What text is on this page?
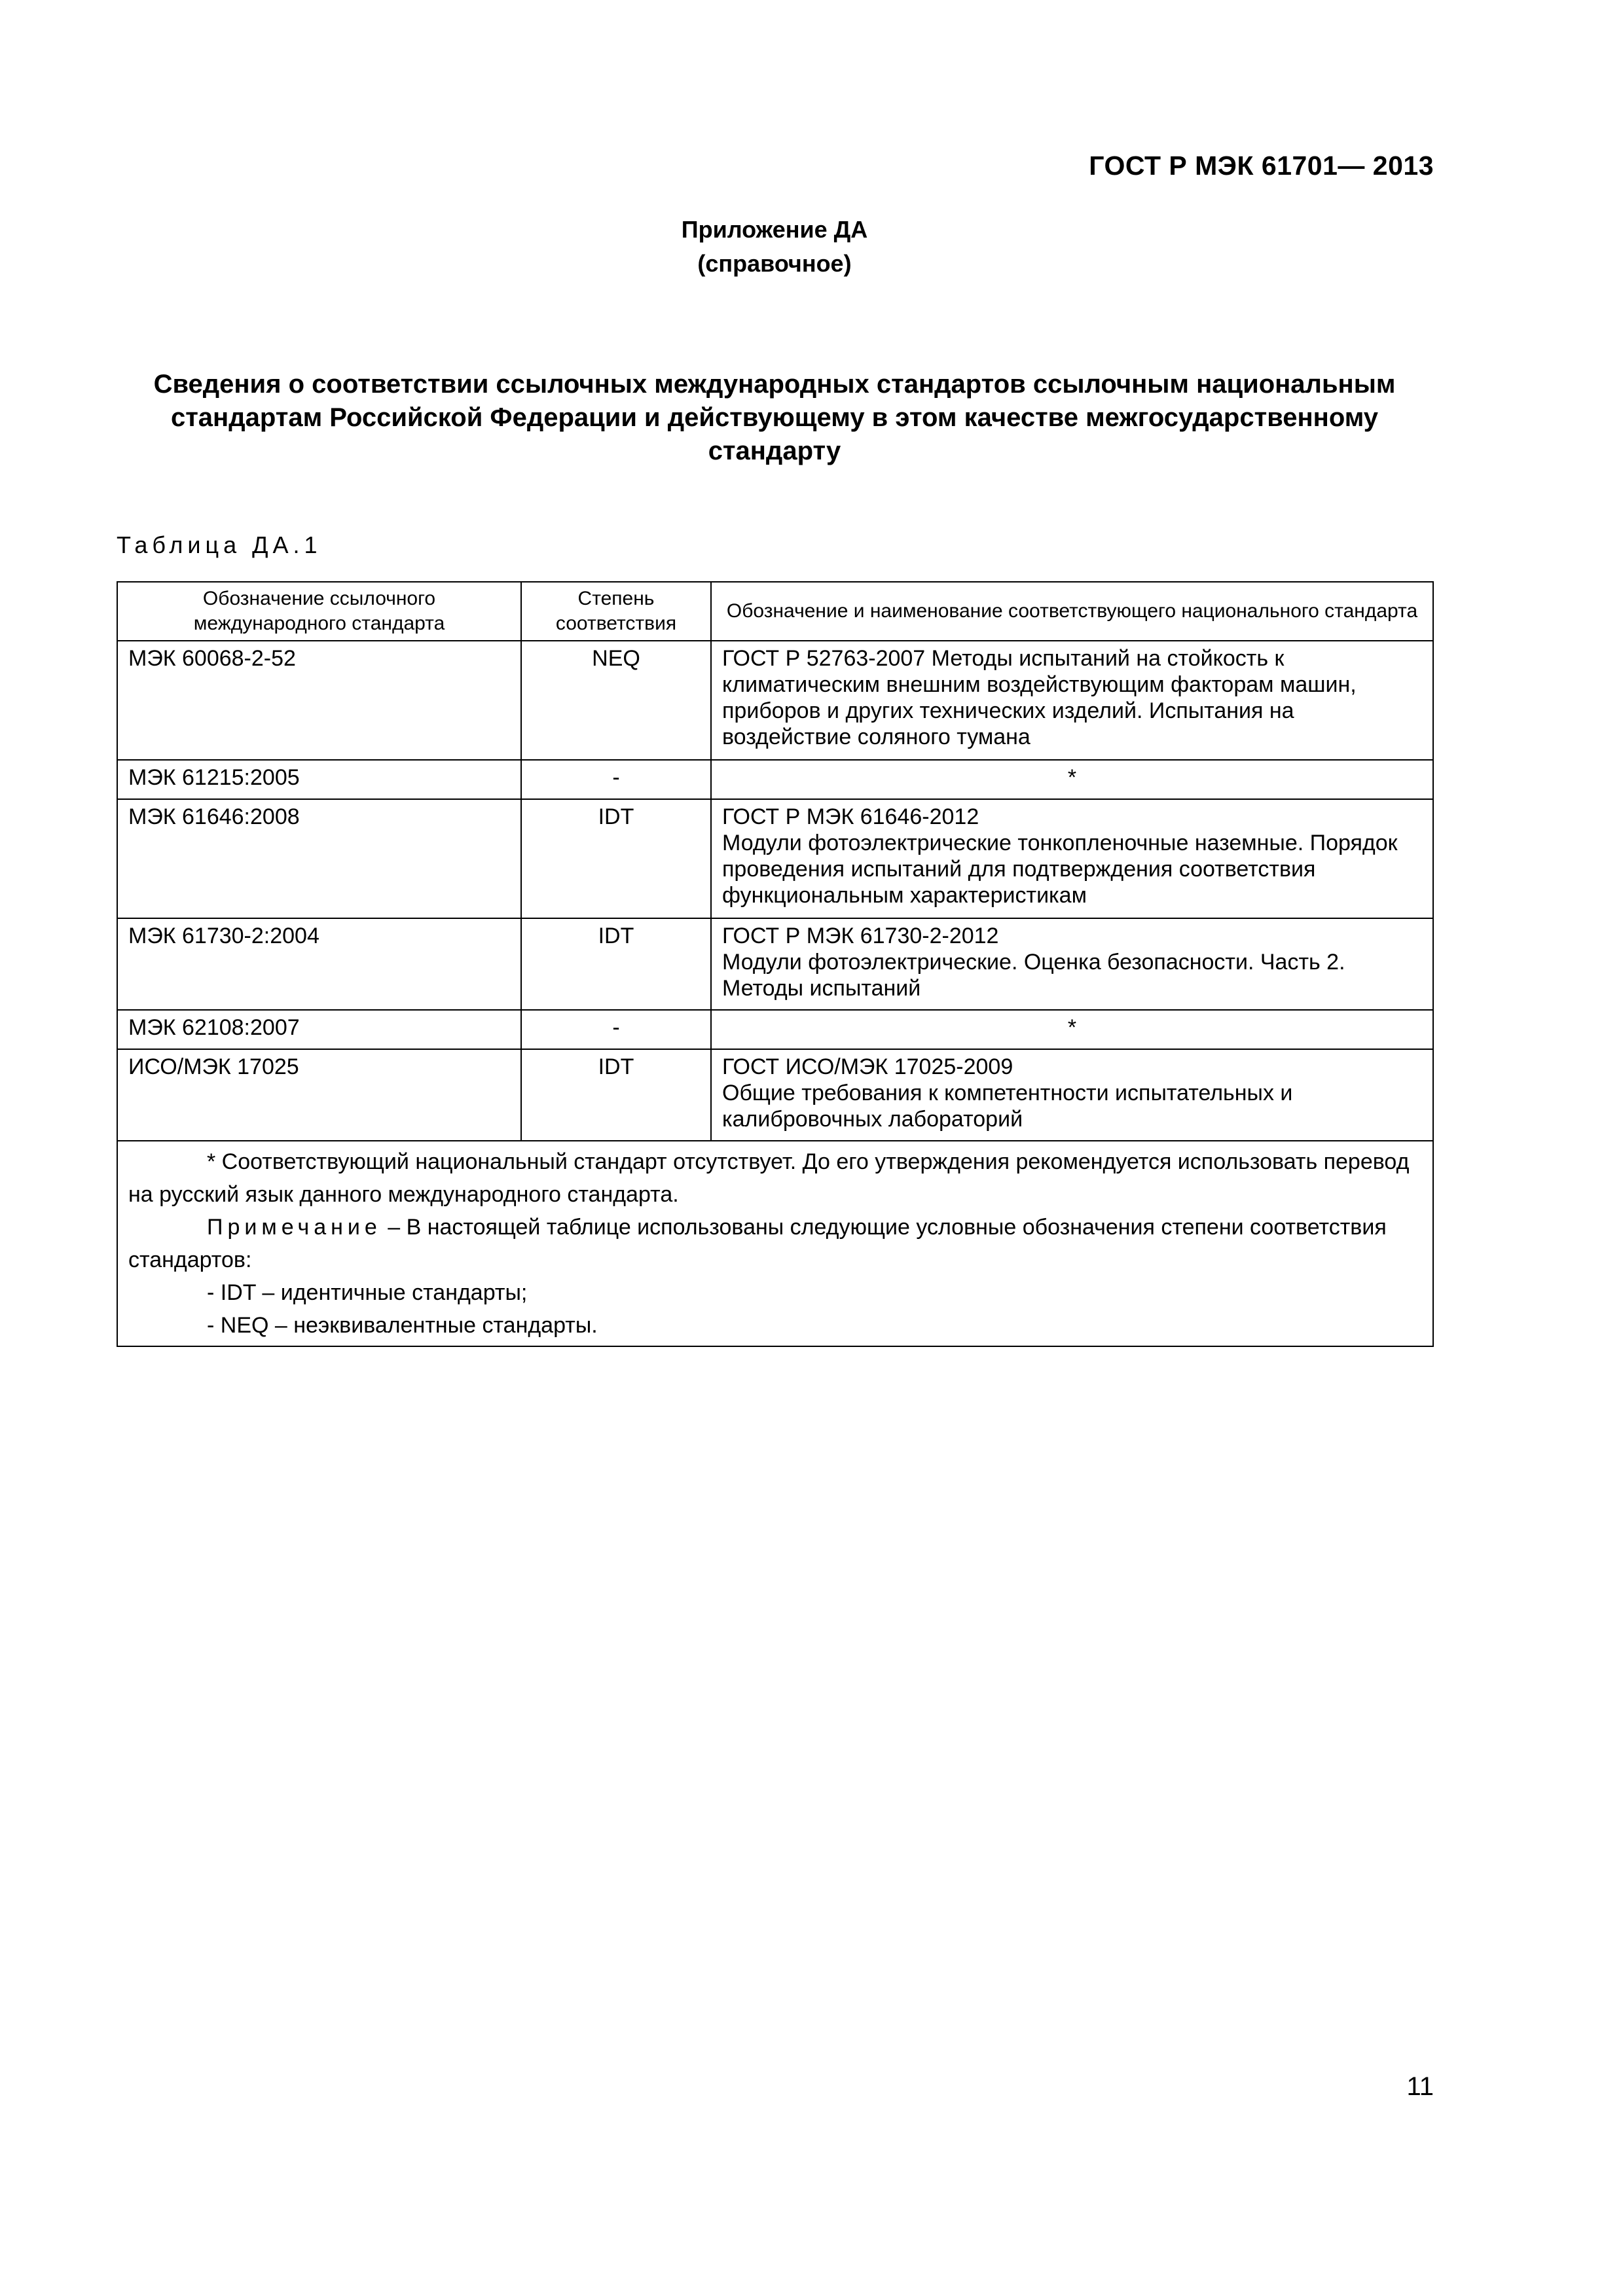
ГОСТ Р МЭК 61701— 2013
Приложение ДА
(справочное)
Сведения о соответствии ссылочных международных стандартов ссылочным национальным стандартам Российской Федерации и действующему в этом качестве межгосударственному стандарту
Таблица ДА.1
Обозначение ссылочного международного стандарта	Степень соответствия	Обозначение и наименование соответствующего национального стандарта
МЭК 60068-2-52	NEQ	ГОСТ Р 52763-2007 Методы испытаний на стойкость к климатическим внешним воздействующим факторам машин, приборов и других технических изделий. Испытания на воздействие соляного тумана
МЭК 61215:2005	-	*
МЭК 61646:2008	IDT	ГОСТ Р МЭК 61646-2012
Модули фотоэлектрические тонкопленочные наземные. Порядок проведения испытаний для подтверждения соответствия функциональным характеристикам

МЭК 61730-2:2004	IDT	ГОСТ Р МЭК 61730-2-2012
Модули фотоэлектрические. Оценка безопасности. Часть 2. Методы испытаний

МЭК 62108:2007	-	*
ИСО/МЭК 17025	IDT	ГОСТ ИСО/МЭК 17025-2009
Общие требования к компетентности испытательных и калибровочных лабораторий

* Соответствующий национальный стандарт отсутствует. До его утверждения рекомендуется использовать перевод на русский язык данного международного стандарта.

Примечание – В настоящей таблице использованы следующие условные обозначения степени соответствия стандартов:

- IDT – идентичные стандарты;

- NEQ – неэквивалентные стандарты.		

11
